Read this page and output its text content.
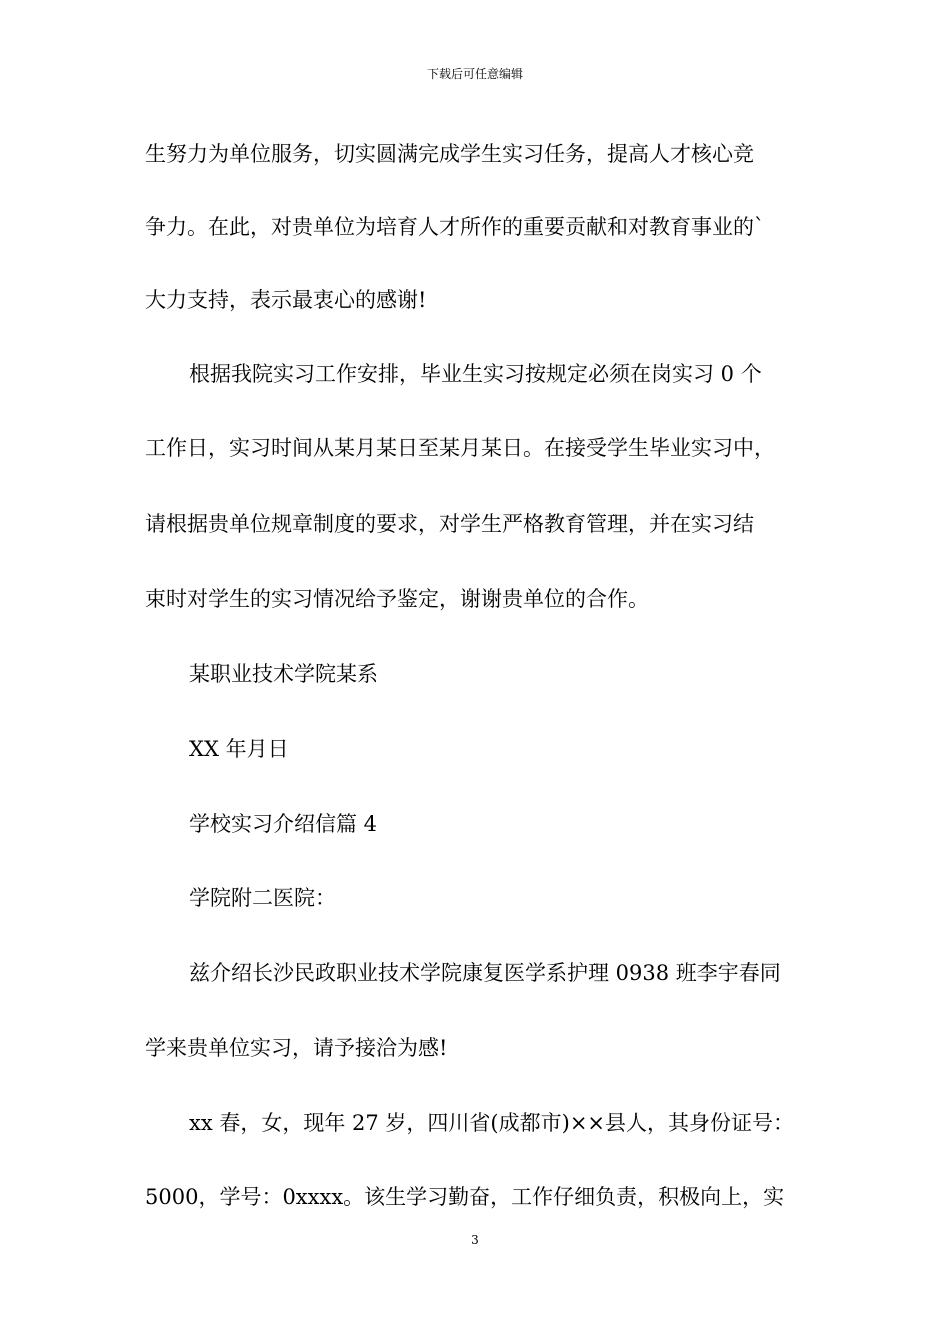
下载后可任意编辑
生努力为单位服务，切实圆满完成学生实习任务，提高人才核心竞
争力。在此，对贵单位为培育人才所作的重要贡献和对教育事业的`
大力支持，表示最衷心的感谢!
根据我院实习工作安排，毕业生实习按规定必须在岗实习 0 个
工作日，实习时间从某月某日至某月某日。在接受学生毕业实习中，
请根据贵单位规章制度的要求，对学生严格教育管理，并在实习结
束时对学生的实习情况给予鉴定，谢谢贵单位的合作。
某职业技术学院某系
XX 年月日
学校实习介绍信篇 4
学院附二医院：
兹介绍长沙民政职业技术学院康复医学系护理 0938 班李宇春同
学来贵单位实习，请予接洽为感!
xx 春，女，现年 27 岁，四川省(成都市)××县人，其身份证号：
5000，学号：0xxxx。该生学习勤奋，工作仔细负责，积极向上，实
3
